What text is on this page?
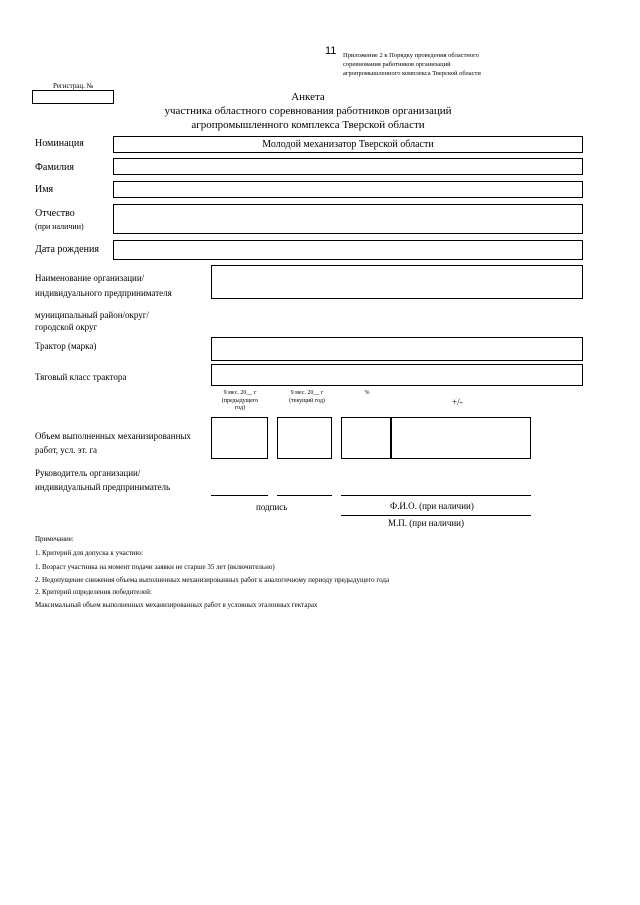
11 Приложение 2 к Порядку проведения областного
соревнования работников организаций
агропромышленного комплекса Тверской области
Регистрац. №
Анкета
участника областного соревнования работников организаций
агропромышленного комплекса Тверской области
Номинация	Молодой механизатор Тверской области
Фамилия
Имя
Отчество
(при наличии)
Дата рождения
Наименование организации/
индивидуального предпринимателя
муниципальный район/округ/
городской округ
Трактор (марка)
Тяговый класс трактора
9 мес. 20__ г
(предыдущего
год)
9 мес. 20__ г
(текущий год)
%
+/-
Объем выполненных механизированных
работ, усл. эт. га
Руководитель организации/
индивидуальный предприниматель
подпись	Ф.И.О. (при наличии)
М.П. (при наличии)
Примечание:
1. Критерий для допуска к участию:
1. Возраст участника на момент подачи заявки не старше 35 лет (включительно)
2. Недопущение снижения объема выполненных механизированных работ к аналогичному периоду предыдущего года
2. Критерий определения победителей:
Максимальный объем выполненных механизированных работ в условных эталонных гектарах
